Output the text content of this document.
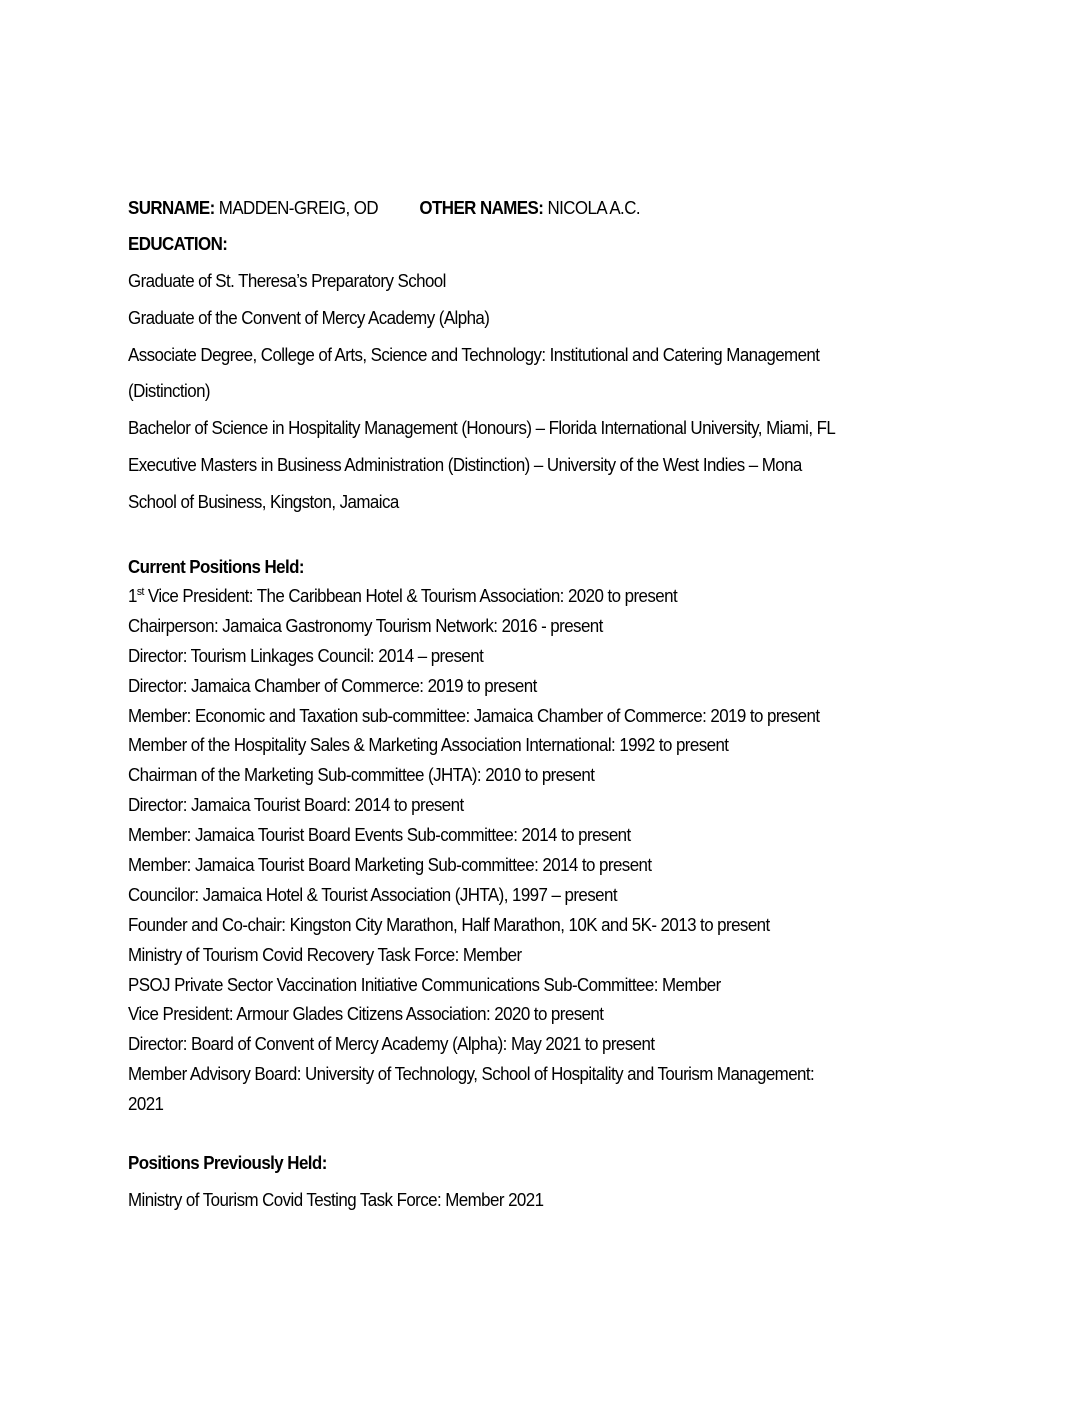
SURNAME: MADDEN-GREIG, OD OTHER NAMES: NICOLA A.C.
EDUCATION:
Graduate of St. Theresa’s Preparatory School
Graduate of the Convent of Mercy Academy (Alpha)
Associate Degree, College of Arts, Science and Technology: Institutional and Catering Management
(Distinction)
Bachelor of Science in Hospitality Management (Honours) – Florida International University, Miami, FL
Executive Masters in Business Administration (Distinction) – University of the West Indies – Mona
School of Business, Kingston, Jamaica
Current Positions Held:
1st Vice President: The Caribbean Hotel & Tourism Association: 2020 to present
Chairperson: Jamaica Gastronomy Tourism Network: 2016 - present
Director: Tourism Linkages Council: 2014 – present
Director: Jamaica Chamber of Commerce: 2019 to present
Member: Economic and Taxation sub-committee: Jamaica Chamber of Commerce: 2019 to present
Member of the Hospitality Sales & Marketing Association International: 1992 to present
Chairman of the Marketing Sub-committee (JHTA): 2010 to present
Director: Jamaica Tourist Board: 2014 to present
Member: Jamaica Tourist Board Events Sub-committee: 2014 to present
Member: Jamaica Tourist Board Marketing Sub-committee: 2014 to present
Councilor: Jamaica Hotel & Tourist Association (JHTA), 1997 – present
Founder and Co-chair: Kingston City Marathon, Half Marathon, 10K and 5K- 2013 to present
Ministry of Tourism Covid Recovery Task Force: Member
PSOJ Private Sector Vaccination Initiative Communications Sub-Committee: Member
Vice President: Armour Glades Citizens Association: 2020 to present
Director: Board of Convent of Mercy Academy (Alpha): May 2021 to present
Member Advisory Board: University of Technology, School of Hospitality and Tourism Management:
2021
Positions Previously Held:
Ministry of Tourism Covid Testing Task Force: Member 2021
